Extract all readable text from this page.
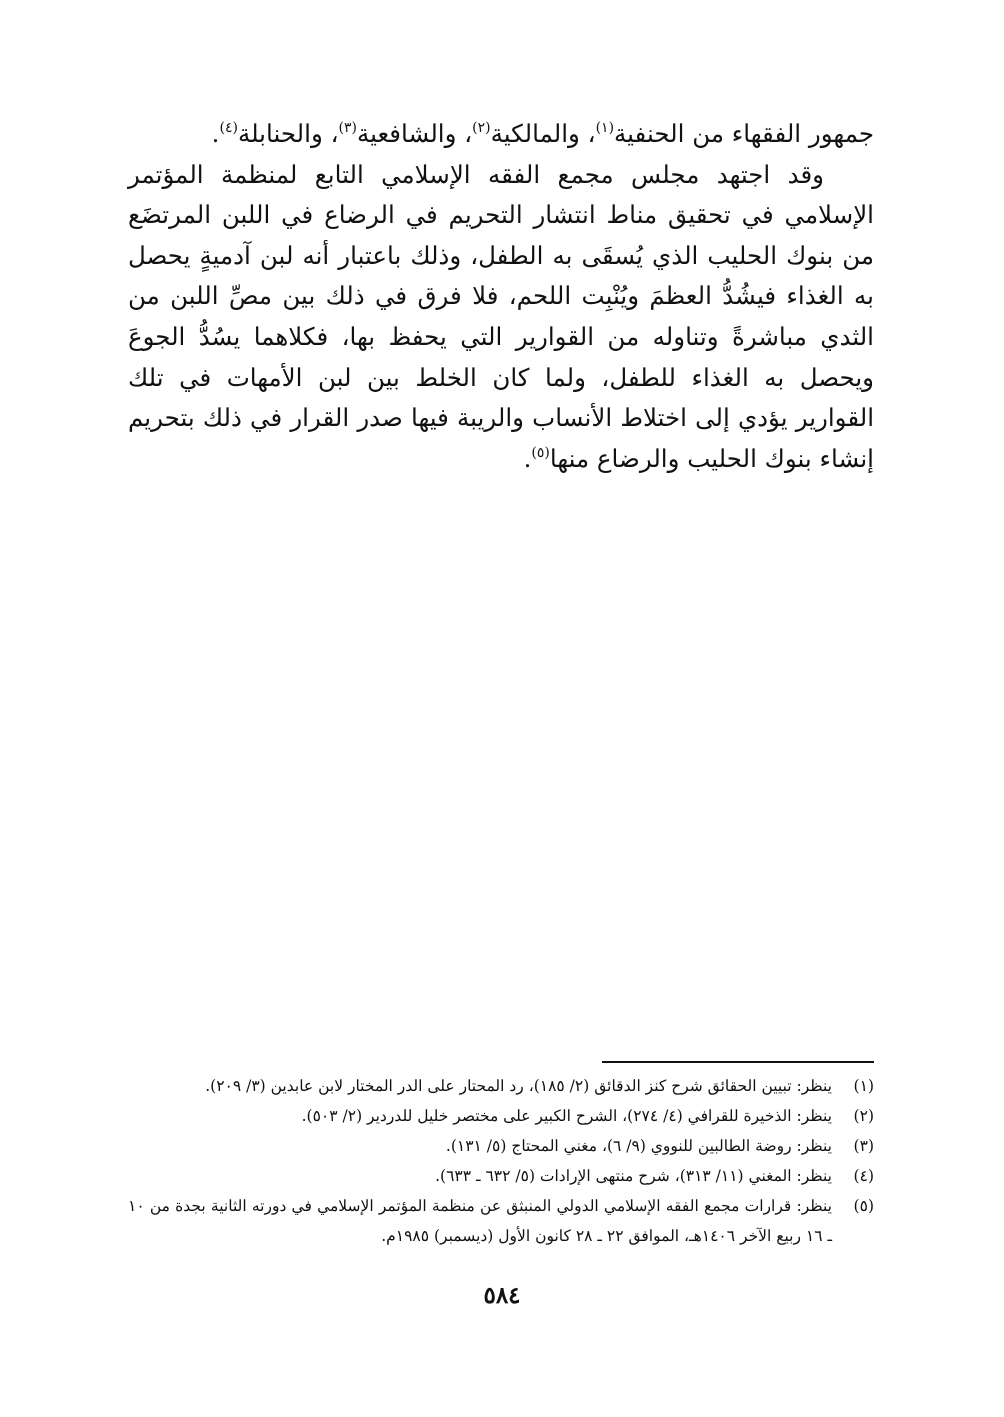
جمهور الفقهاء من الحنفية$^{(١)}$، والمالكية$^{(٢)}$، والشافعية$^{(٣)}$، والحنابلة$^{(٤)}$.

وقد اجتهد مجلس مجمع الفقه الإسلامي التابع لمنظمة المؤتمر الإسلامي في تحقيق مناط انتشار التحريم في الرضاع في اللبن المرتضَع من بنوك الحليب الذي يُسقَى به الطفل، وذلك باعتبار أنه لبن آدميةٍ يحصل به الغذاء فيشُدُّ العظمَ ويُنْبِت اللحم، فلا فرق في ذلك بين مصِّ اللبن من الثدي مباشرةً وتناوله من القوارير التي يحفظ بها، فكلاهما يسُدُّ الجوعَ ويحصل به الغذاء للطفل، ولما كان الخلط بين لبن الأمهات في تلك القوارير يؤدي إلى اختلاط الأنساب والريبة فيها صدر القرار في ذلك بتحريم إنشاء بنوك الحليب والرضاع منها$^{(٥)}$.

(١)
ينظر: تبيين الحقائق شرح كنز الدقائق (٢/ ١٨٥)، رد المحتار على الدر المختار لابن عابدين (٣/ ٢٠٩).
(٢)
ينظر: الذخيرة للقرافي (٤/ ٢٧٤)، الشرح الكبير على مختصر خليل للدردير (٢/ ٥٠٣).
(٣)
ينظر: روضة الطالبين للنووي (٩/ ٦)، مغني المحتاج (٥/ ١٣١).
(٤)
ينظر: المغني (١١/ ٣١٣)، شرح منتهى الإرادات (٥/ ٦٣٢ ـ ٦٣٣).
(٥)
ينظر: قرارات مجمع الفقه الإسلامي الدولي المنبثق عن منظمة المؤتمر الإسلامي في دورته الثانية بجدة من ١٠ ـ ١٦ ربيع الآخر ١٤٠٦هـ، الموافق ٢٢ ـ ٢٨ كانون الأول (ديسمبر) ١٩٨٥م.
٥٨٤
